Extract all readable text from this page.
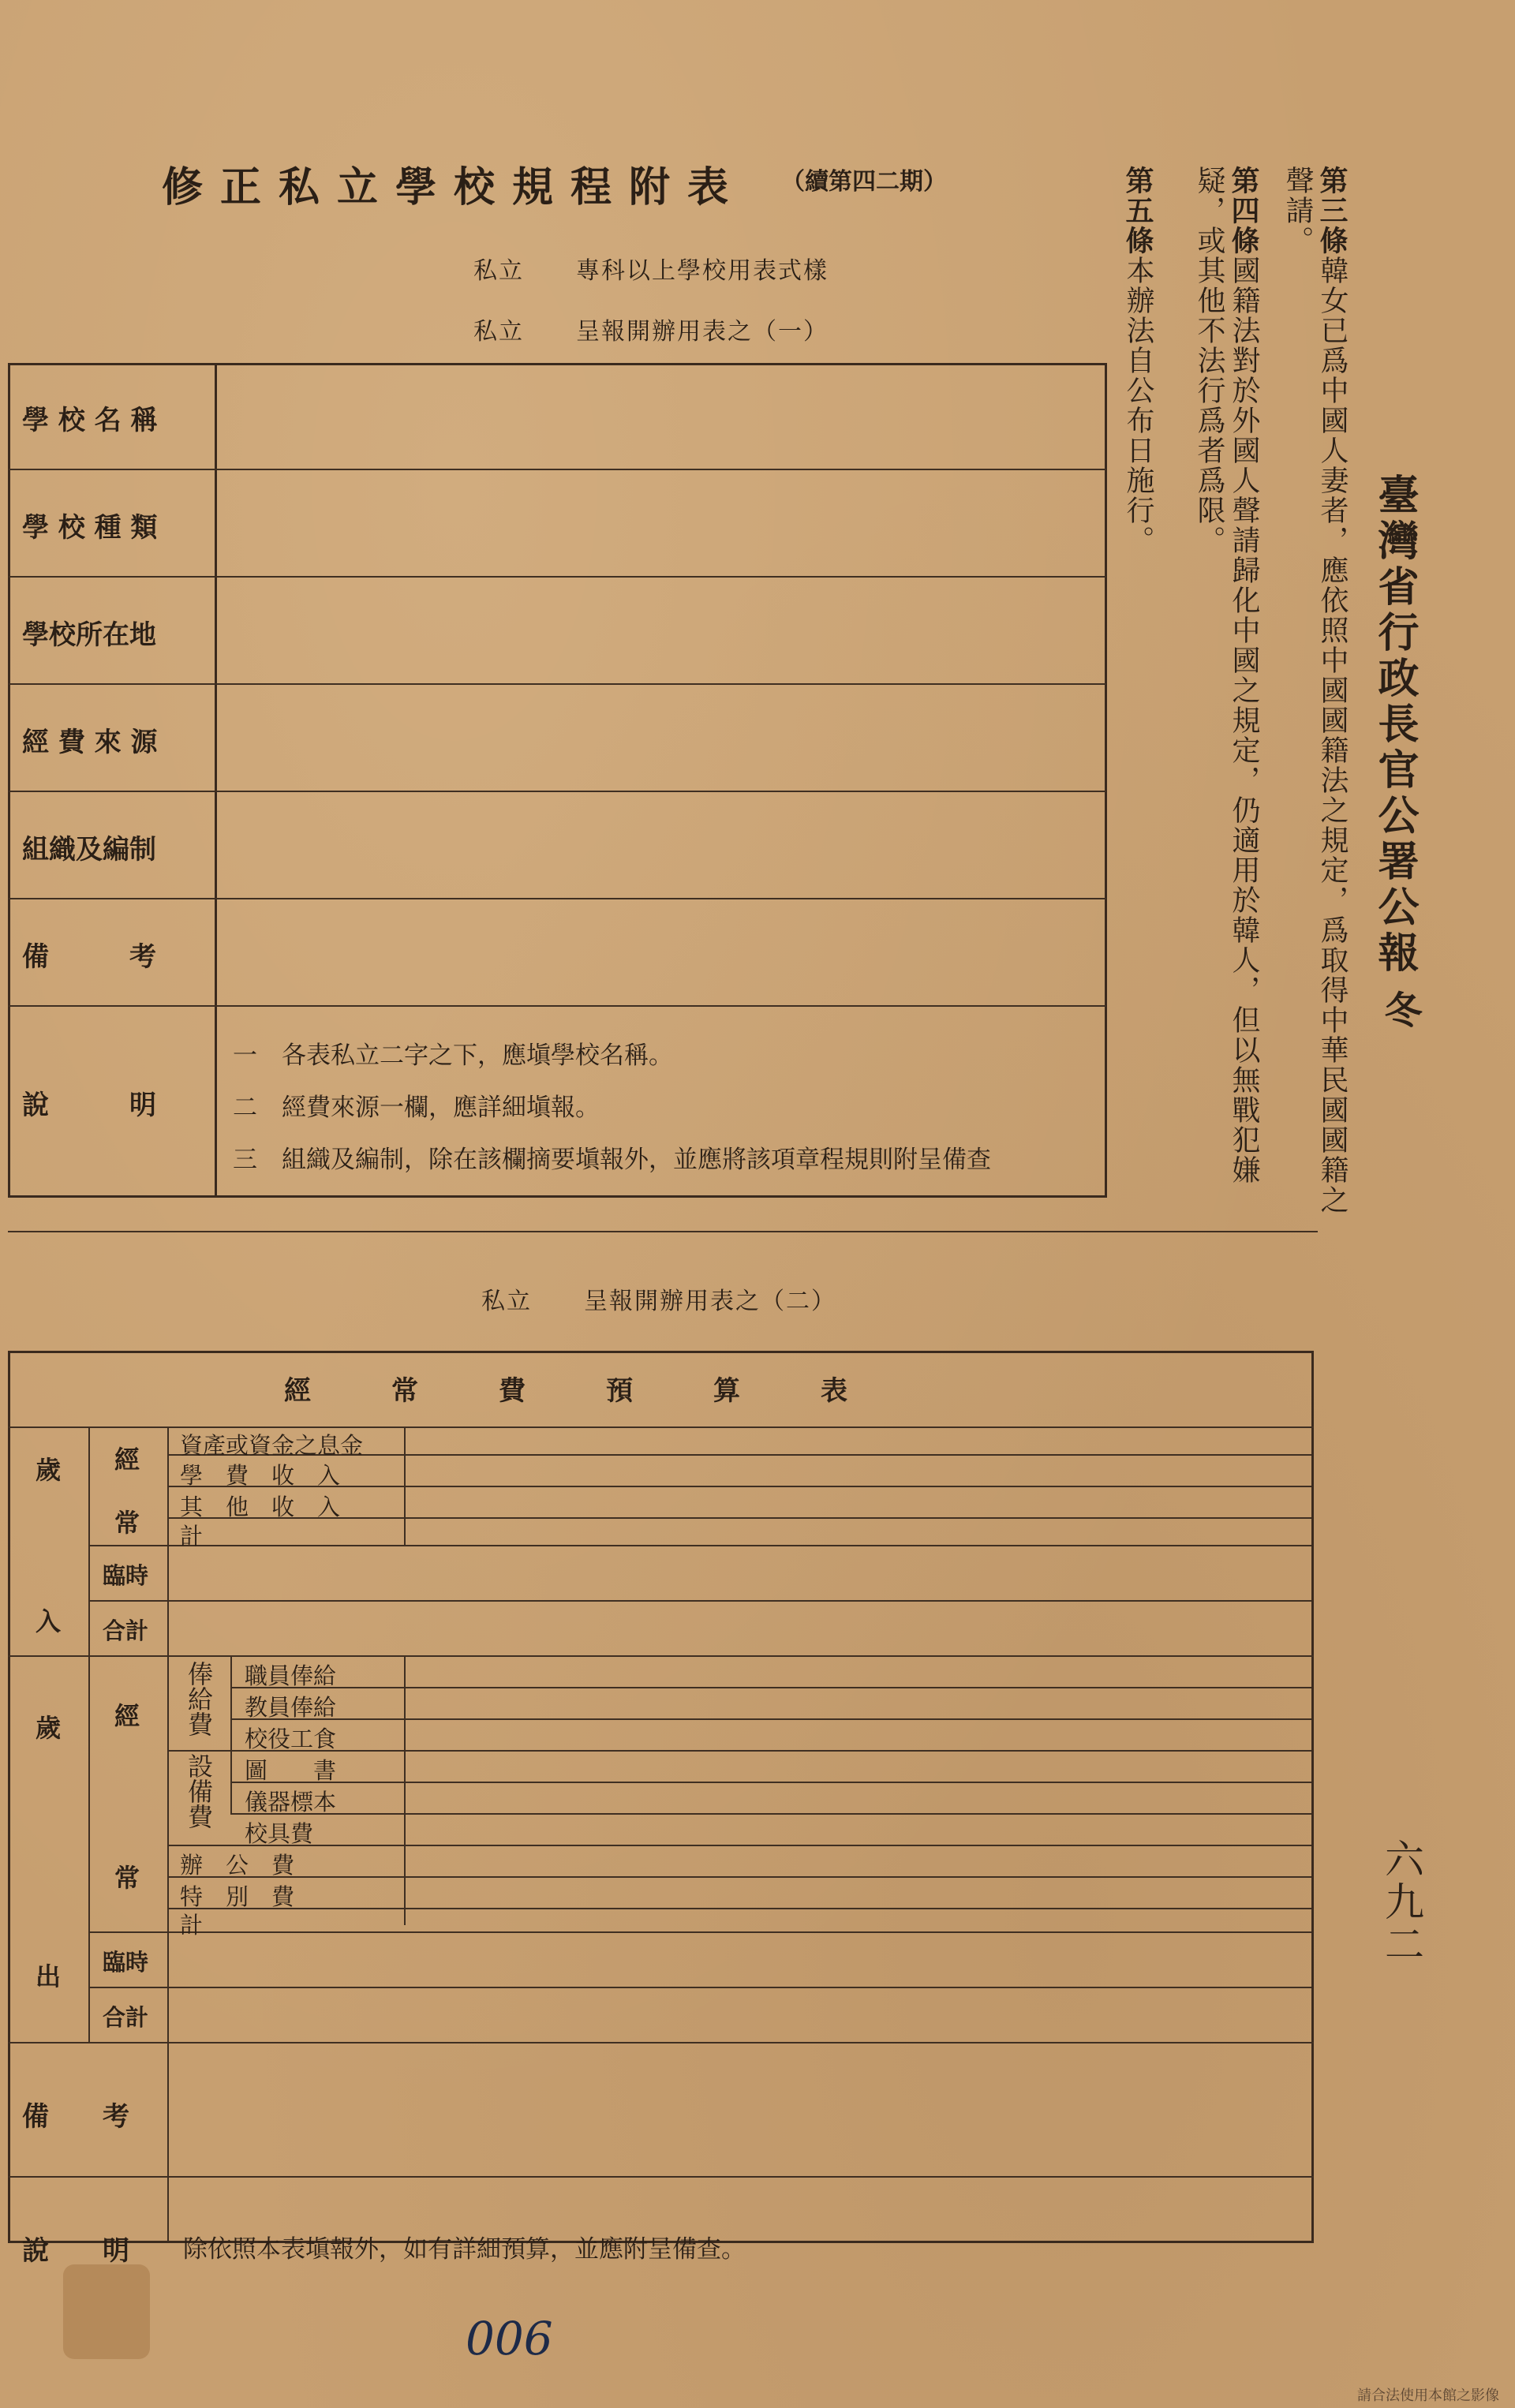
臺灣省行政長官公署公報
冬
六九二
第三條韓女已爲中國人妻者，應依照中國國籍法之規定，爲取得中華民國國籍之聲請。
第四條國籍法對於外國人聲請歸化中國之規定，仍適用於韓人，但以無戰犯嫌疑，或其他不法行爲者爲限。
第五條本辦法自公布日施行。
修正私立學校規程附表 （續第四二期）
私立 專科以上學校用表式樣
私立 呈報開辦用表之（一）
學 校 名 稱
學 校 種 類
學校所在地
經 費 來 源
組織及編制
備　　　考
說　　　明
一　各表私立二字之下，應塡學校名稱。
二　經費來源一欄，應詳細塡報。
三　組織及編制，除在該欄摘要塡報外，並應將該項章程規則附呈備查
私立 呈報開辦用表之（二）
經　　　常　　　費　　　預　　　算　　　表
歲
入
經
常
資產或資金之息金
學　費　收　入
其　他　收　入
計
臨時
合計
歲
出
經
常
俸給費 職員俸給
教員俸給
校役工食
設備費 圖　　書
儀器標本
校具費
辦　公　費
特　別　費
計
臨時
合計
備　　考
說　　明 除依照本表塡報外，如有詳細預算，並應附呈備查。
006
請合法使用本館之影像
